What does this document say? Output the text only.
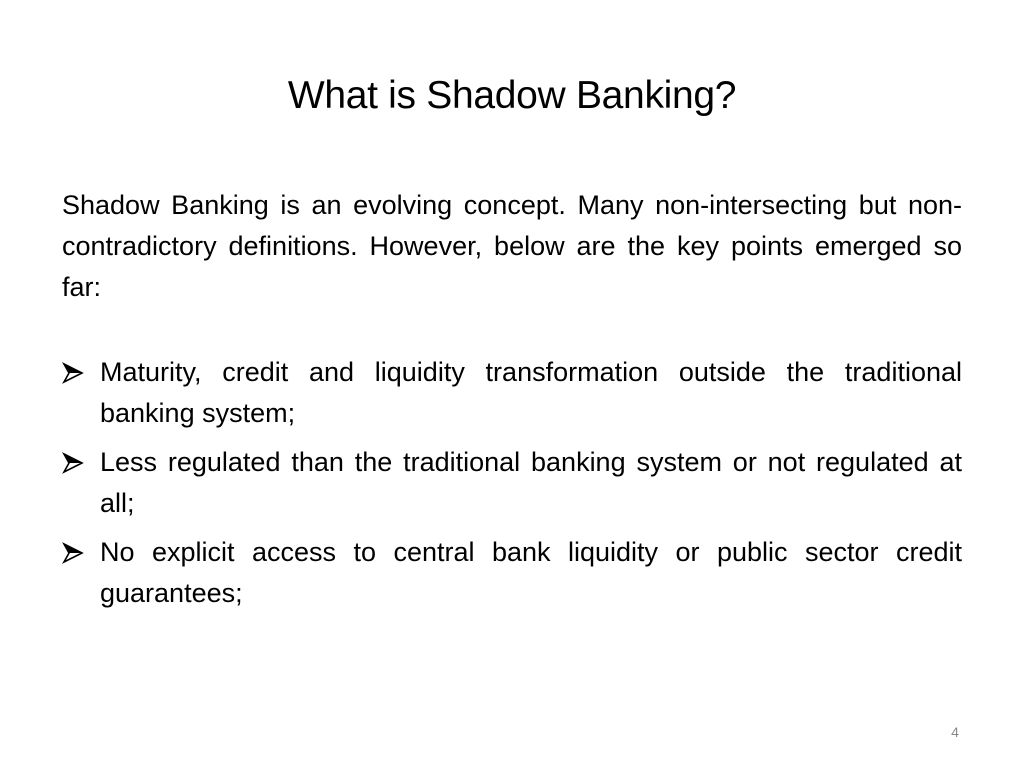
What is Shadow Banking?

Shadow Banking is an evolving concept. Many non-intersecting but non-contradictory definitions. However, below are the key points emerged so far:

Maturity, credit and liquidity transformation outside the traditional banking system;
Less regulated than the traditional banking system or not regulated at all;
No explicit access to central bank liquidity or public sector credit guarantees;
4
